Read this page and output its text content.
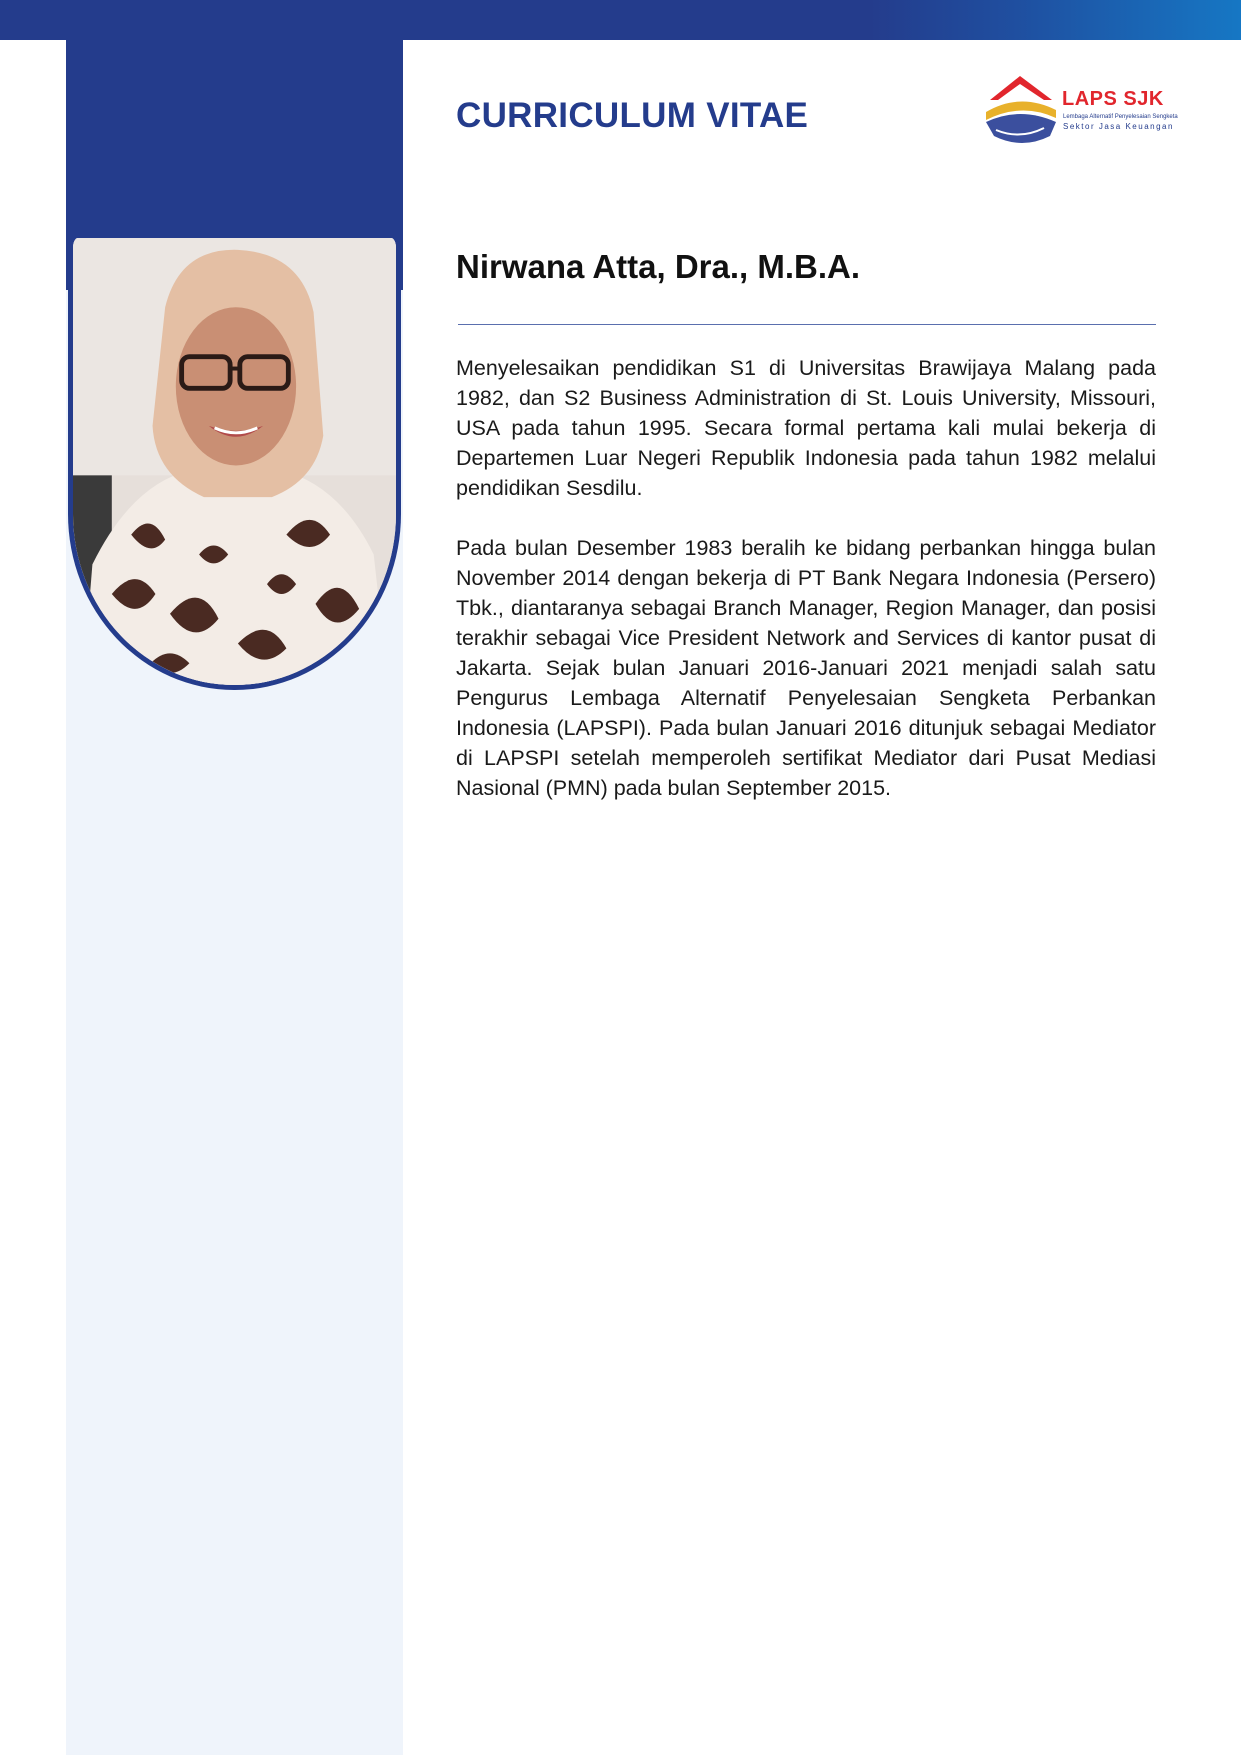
CURRICULUM VITAE	LAPS SJK

Lembaga Alternatif Penyelesaian Sengketa

Sektor Jasa Keuangan

Nirwana Atta, Dra., M.B.A.

Menyelesaikan pendidikan S1 di Universitas Brawijaya Malang pada 1982, dan S2 Business Administration di St. Louis University, Missouri, USA pada tahun 1995. Secara formal pertama kali mulai bekerja di Departemen Luar Negeri Republik Indonesia pada tahun 1982 melalui pendidikan Sesdilu.

Pada bulan Desember 1983 beralih ke bidang perbankan hingga bulan November 2014 dengan bekerja di PT Bank Negara Indonesia (Persero) Tbk., diantaranya sebagai Branch Manager, Region Manager, dan posisi terakhir sebagai Vice President Network and Services di kantor pusat di Jakarta. Sejak bulan Januari 2016-Januari 2021 menjadi salah satu Pengurus Lembaga Alternatif Penyelesaian Sengketa Perbankan Indonesia (LAPSPI). Pada bulan Januari 2016 ditunjuk sebagai Mediator di LAPSPI setelah memperoleh sertifikat Mediator dari Pusat Mediasi Nasional (PMN) pada bulan September 2015.
